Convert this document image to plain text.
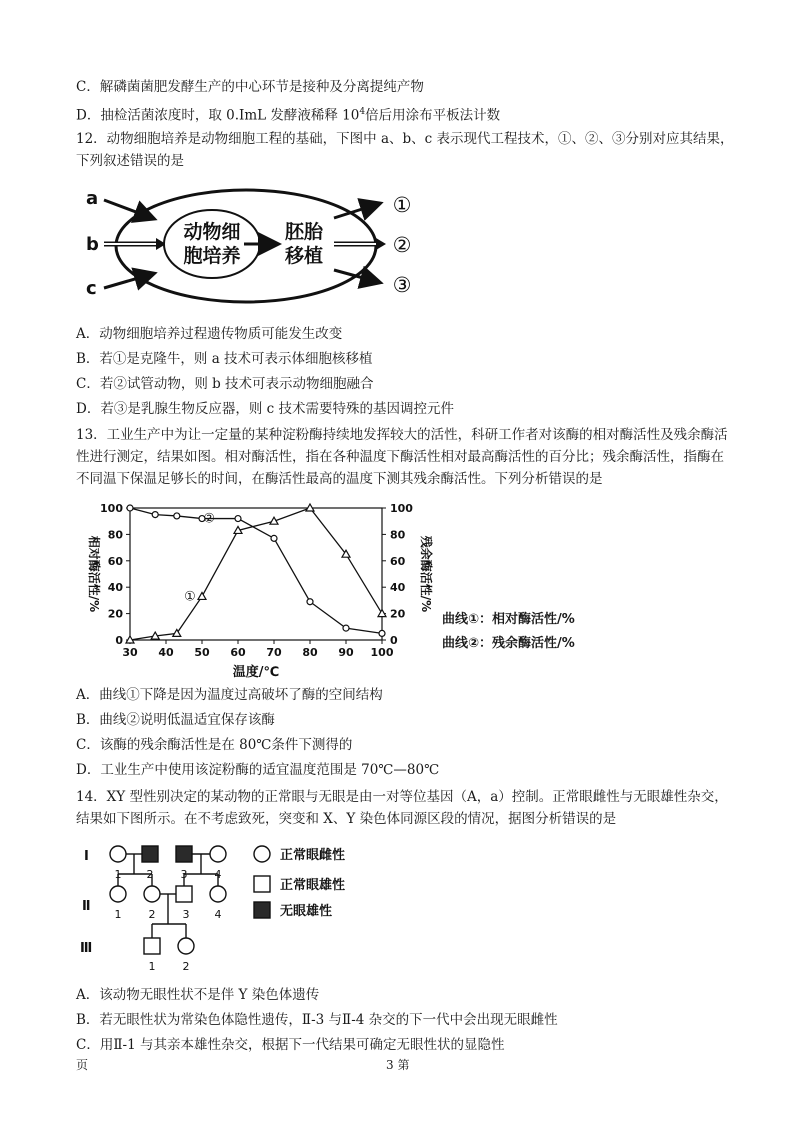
C．解磷菌菌肥发酵生产的中心环节是接种及分离提纯产物
D．抽检活菌浓度时，取 0.ImL 发酵液稀释 $10^4$倍后用涂布平板法计数
12．动物细胞培养是动物细胞工程的基础，下图中 a、b、c 表示现代工程技术，①、②、③分别对应其结果，下列叙述错误的是
a
b
c
动物细
胞培养
胚胎
移植
①
②
③
A．动物细胞培养过程遗传物质可能发生改变
B．若①是克隆牛，则 a 技术可表示体细胞核移植
C．若②试管动物，则 b 技术可表示动物细胞融合
D．若③是乳腺生物反应器，则 c 技术需要特殊的基因调控元件
13．工业生产中为让一定量的某种淀粉酶持续地发挥较大的活性，科研工作者对该酶的相对酶活性及残余酶活性进行测定，结果如图。相对酶活性，指在各种温度下酶活性相对最高酶活性的百分比；残余酶活性，指酶在不同温下保温足够长的时间，在酶活性最高的温度下测其残余酶活性。下列分析错误的是
30 40 50 60 70 80 90 100
0
20
40
60
80
100
0
20
40
60
80
100
①
②
温度/℃
相对酶活性/%	残余酶活性/%
曲线①：相对酶活性/%
曲线②：残余酶活性/%
A．曲线①下降是因为温度过高破坏了酶的空间结构
B．曲线②说明低温适宜保存该酶
C．该酶的残余酶活性是在 80℃条件下测得的
D．工业生产中使用该淀粉酶的适宜温度范围是 70℃—80℃
14．XY 型性别决定的某动物的正常眼与无眼是由一对等位基因（A，a）控制。正常眼雌性与无眼雄性杂交，结果如下图所示。在不考虑致死，突变和 X、Y 染色体同源区段的情况，据图分析错误的是
Ⅰ
Ⅱ
Ⅲ
1 2 3 4
1 2 3 4
1 2
正常眼雌性
正常眼雄性
无眼雄性
A．该动物无眼性状不是伴 Y 染色体遗传
B．若无眼性状为常染色体隐性遗传，Ⅱ-3 与Ⅱ-4 杂交的下一代中会出现无眼雌性
C．用Ⅱ-1 与其亲本雄性杂交，根据下一代结果可确定无眼性状的显隐性
页	3 第
